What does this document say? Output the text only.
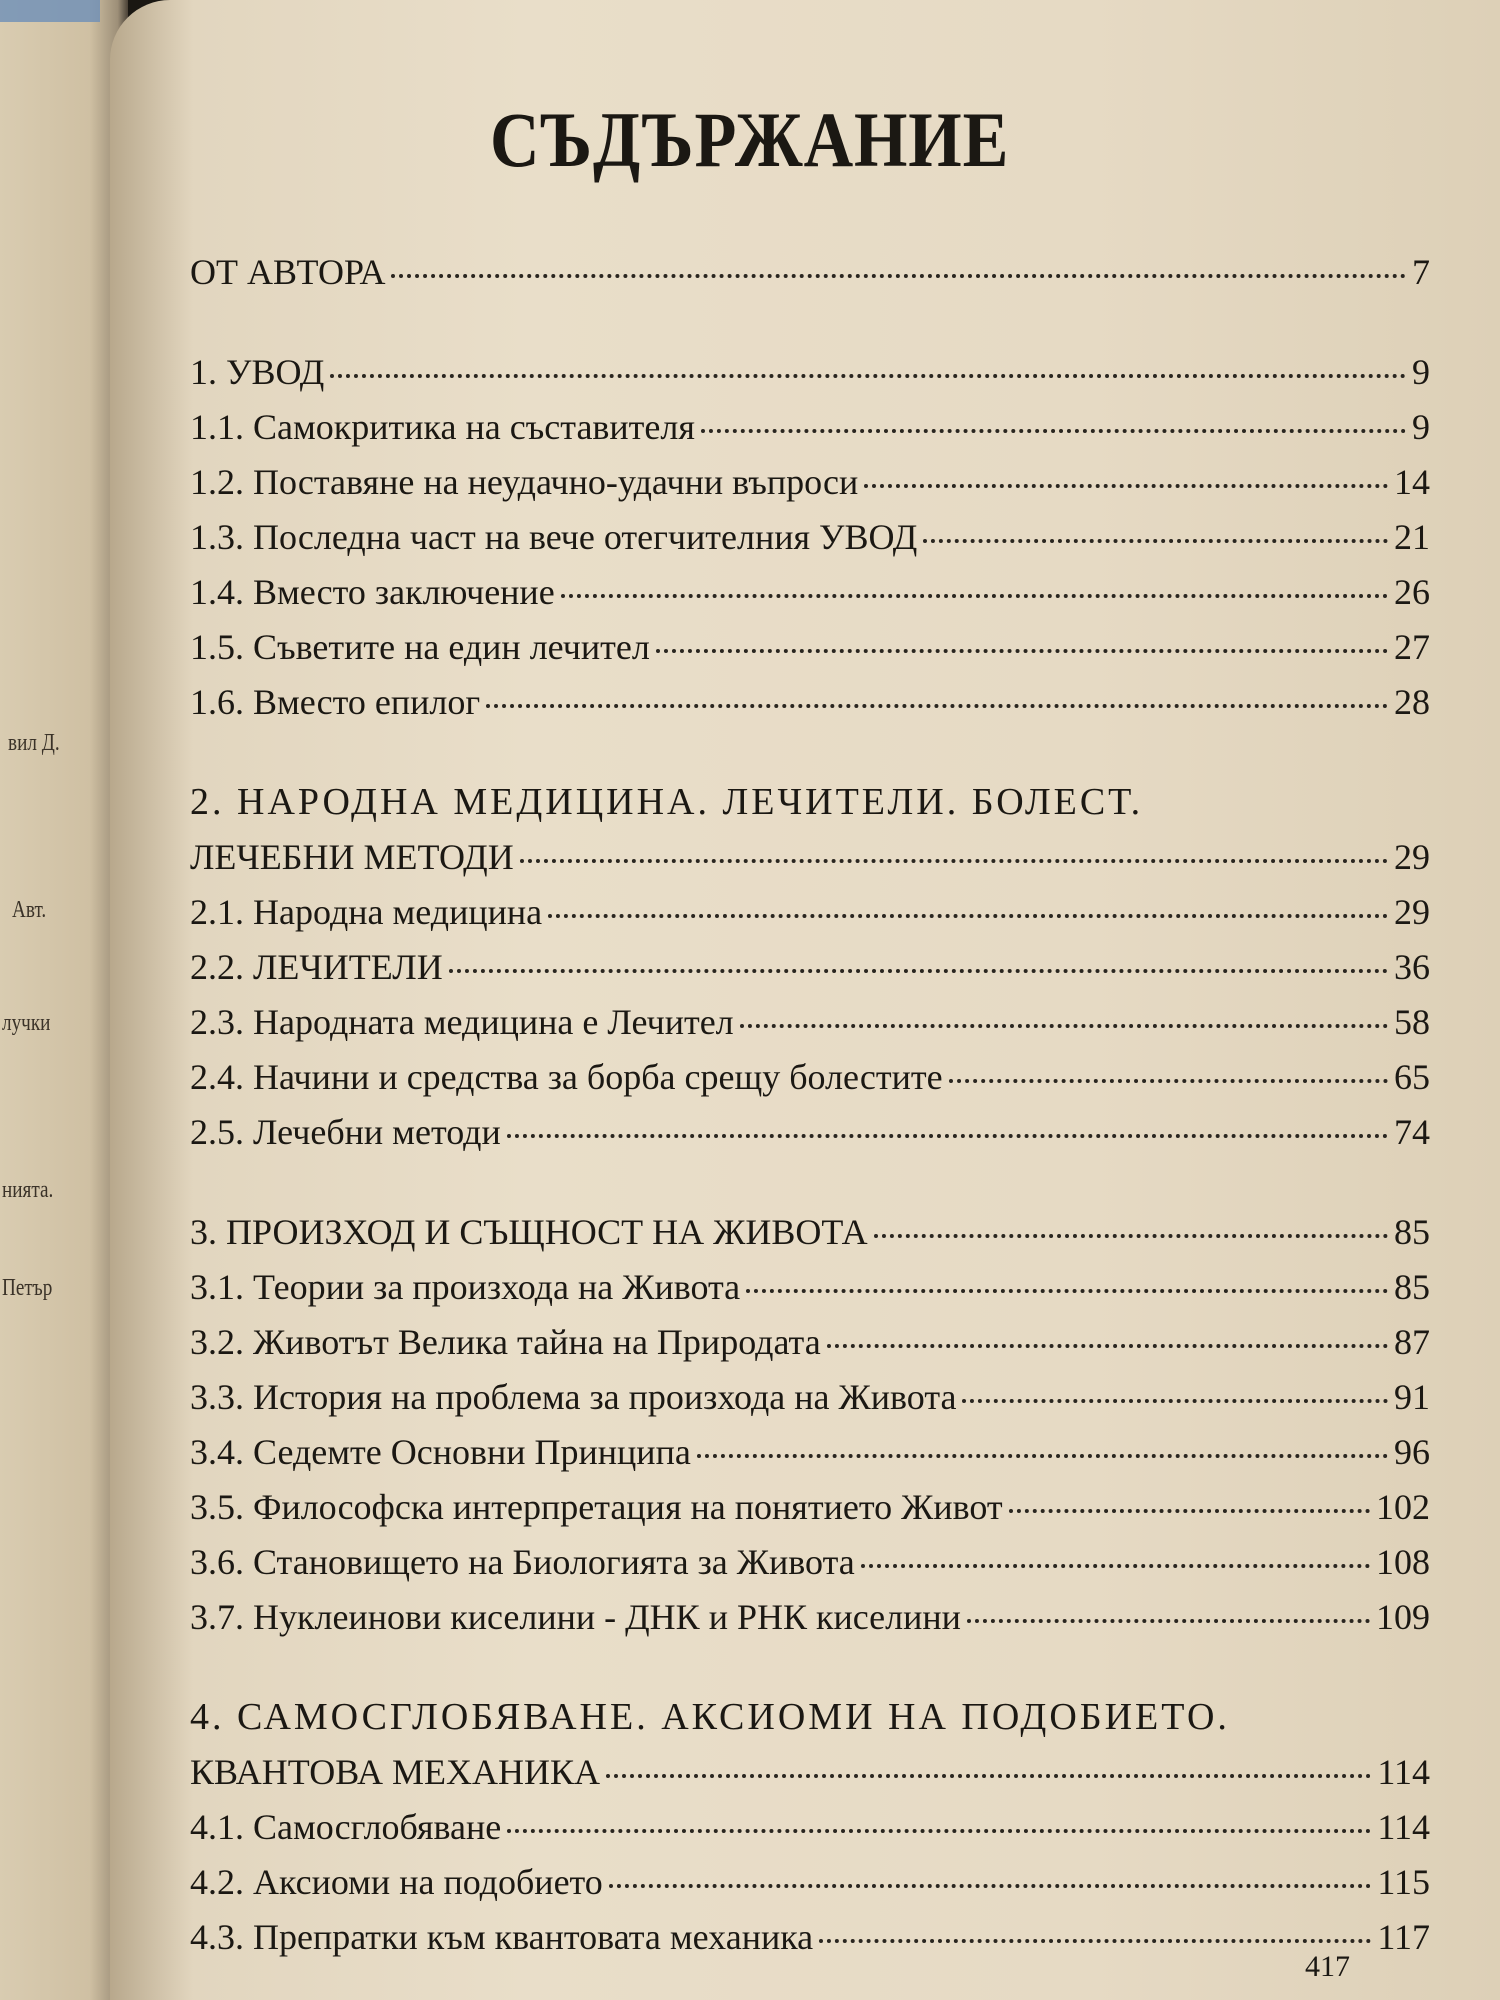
вил Д.
Авт.
лучки
нията.
Петър
СЪДЪРЖАНИЕ
ОТ АВТОРА	7
1. УВОД	9
1.1. Самокритика на съставителя	9
1.2. Поставяне на неудачно-удачни въпроси	14
1.3. Последна част на вече отегчителния УВОД	21
1.4. Вместо заключение	26
1.5. Съветите на един лечител	27
1.6. Вместо епилог	28
2. НАРОДНА МЕДИЦИНА. ЛЕЧИТЕЛИ. БОЛЕСТ.
ЛЕЧЕБНИ МЕТОДИ	29
2.1. Народна медицина	29
2.2. ЛЕЧИТЕЛИ	36
2.3. Народната медицина е Лечител	58
2.4. Начини и средства за борба срещу болестите	65
2.5. Лечебни методи	74
3. ПРОИЗХОД И СЪЩНОСТ НА ЖИВОТА	85
3.1. Теории за произхода на Живота	85
3.2. Животът Велика тайна на Природата	87
3.3. История на проблема за произхода на Живота	91
3.4. Седемте Основни Принципа	96
3.5. Философска интерпретация на понятието Живот	102
3.6. Становището на Биологията за Живота	108
3.7. Нуклеинови киселини - ДНК и РНК киселини	109
4. САМОСГЛОБЯВАНЕ. АКСИОМИ НА ПОДОБИЕТО.
КВАНТОВА МЕХАНИКА	114
4.1. Самосглобяване	114
4.2. Аксиоми на подобието	115
4.3. Препратки към квантовата механика	117
417
